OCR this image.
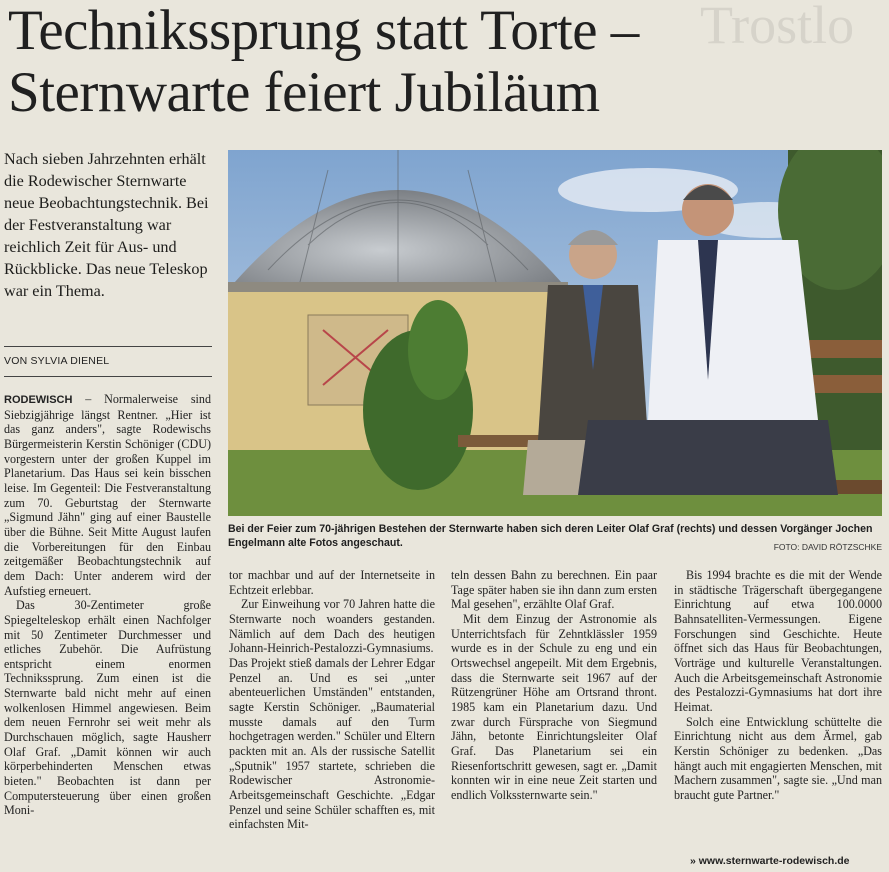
Trostlo
Technikssprung statt Torte – Sternwarte feiert Jubiläum

Nach sieben Jahrzehnten erhält die Rodewischer Sternwarte neue Beobachtungstechnik. Bei der Festveranstaltung war reichlich Zeit für Aus- und Rückblicke. Das neue Teleskop war ein Thema.

VON SYLVIA DIENEL

RODEWISCH – Normalerweise sind Siebzigjährige längst Rentner. „Hier ist das ganz anders", sagte Rodewischs Bürgermeisterin Kerstin Schöniger (CDU) vorgestern unter der großen Kuppel im Planetarium. Das Haus sei kein bisschen leise. Im Gegenteil: Die Festveranstaltung zum 70. Geburtstag der Sternwarte „Sigmund Jähn" ging auf einer Baustelle über die Bühne. Seit Mitte August laufen die Vorbereitungen für den Einbau zeitgemäßer Beobachtungstechnik auf dem Dach: Unter anderem wird der Aufstieg erneuert.

Das 30-Zentimeter große Spiegelteleskop erhält einen Nachfolger mit 50 Zentimeter Durchmesser und etliches Zubehör. Die Aufrüstung entspricht einem enormen Technikssprung. Zum einen ist die Sternwarte bald nicht mehr auf einen wolkenlosen Himmel angewiesen. Beim dem neuen Fernrohr sei weit mehr als Durchschauen möglich, sagte Hausherr Olaf Graf. „Damit können wir auch körperbehinderten Menschen etwas bieten." Beobachten ist dann per Computersteuerung über einen großen Moni-

Bei der Feier zum 70-jährigen Bestehen der Sternwarte haben sich deren Leiter Olaf Graf (rechts) und dessen Vorgänger Jochen Engelmann alte Fotos angeschaut.	FOTO: DAVID RÖTZSCHKE

tor machbar und auf der Internetseite in Echtzeit erlebbar.

Zur Einweihung vor 70 Jahren hatte die Sternwarte noch woanders gestanden. Nämlich auf dem Dach des heutigen Johann-Heinrich-Pestalozzi-Gymnasiums. Das Projekt stieß damals der Lehrer Edgar Penzel an. Und es sei „unter abenteuerlichen Umständen" entstanden, sagte Kerstin Schöniger. „Baumaterial musste damals auf den Turm hochgetragen werden." Schüler und Eltern packten mit an. Als der russische Satellit „Sputnik" 1957 startete, schrieben die Rodewischer Astronomie-Arbeitsgemeinschaft Geschichte. „Edgar Penzel und seine Schüler schafften es, mit einfachsten Mit-

teln dessen Bahn zu berechnen. Ein paar Tage später haben sie ihn dann zum ersten Mal gesehen", erzählte Olaf Graf.

Mit dem Einzug der Astronomie als Unterrichtsfach für Zehntklässler 1959 wurde es in der Schule zu eng und ein Ortswechsel angepeilt. Mit dem Ergebnis, dass die Sternwarte seit 1967 auf der Rützengrüner Höhe am Ortsrand thront. 1985 kam ein Planetarium dazu. Und zwar durch Fürsprache von Siegmund Jähn, betonte Einrichtungsleiter Olaf Graf. Das Planetarium sei ein Riesenfortschritt gewesen, sagt er. „Damit konnten wir in eine neue Zeit starten und endlich Volkssternwarte sein."

Bis 1994 brachte es die mit der Wende in städtische Trägerschaft übergegangene Einrichtung auf etwa 100.0000 Bahnsatelliten-Vermessungen. Eigene Forschungen sind Geschichte. Heute öffnet sich das Haus für Beobachtungen, Vorträge und kulturelle Veranstaltungen. Auch die Arbeitsgemeinschaft Astronomie des Pestalozzi-Gymnasiums hat dort ihre Heimat.

Solch eine Entwicklung schüttelte die Einrichtung nicht aus dem Ärmel, gab Kerstin Schöniger zu bedenken. „Das hängt auch mit engagierten Menschen, mit Machern zusammen", sagte sie. „Und man braucht gute Partner."

» www.sternwarte-rodewisch.de
